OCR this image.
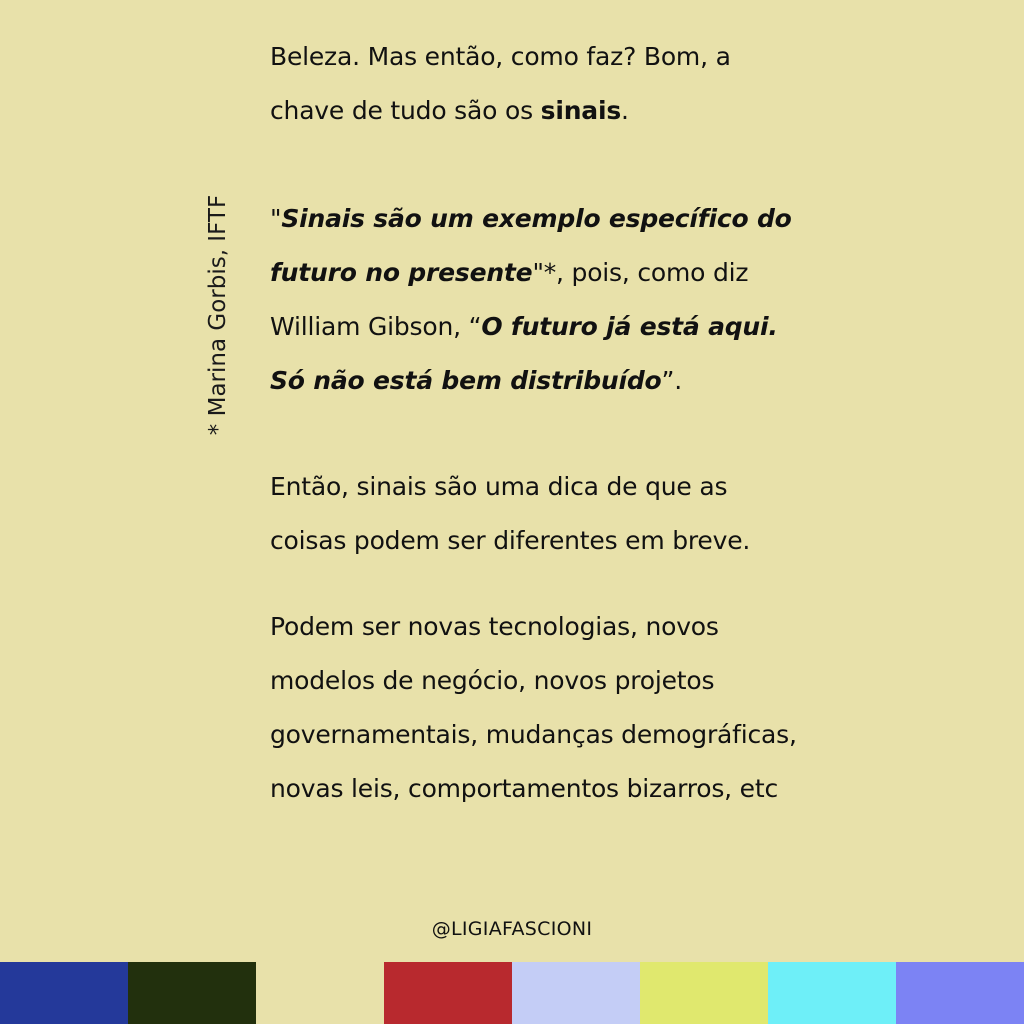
* Marina Gorbis, IFTF

Beleza. Mas então, como faz? Bom, a chave de tudo são os sinais.

"Sinais são um exemplo específico do futuro no presente"*, pois, como diz William Gibson, “O futuro já está aqui. Só não está bem distribuído”.

Então, sinais são uma dica de que as coisas podem ser diferentes em breve.

Podem ser novas tecnologias, novos modelos de negócio, novos projetos governamentais, mudanças demográficas, novas leis, comportamentos bizarros, etc

@LIGIAFASCIONI
